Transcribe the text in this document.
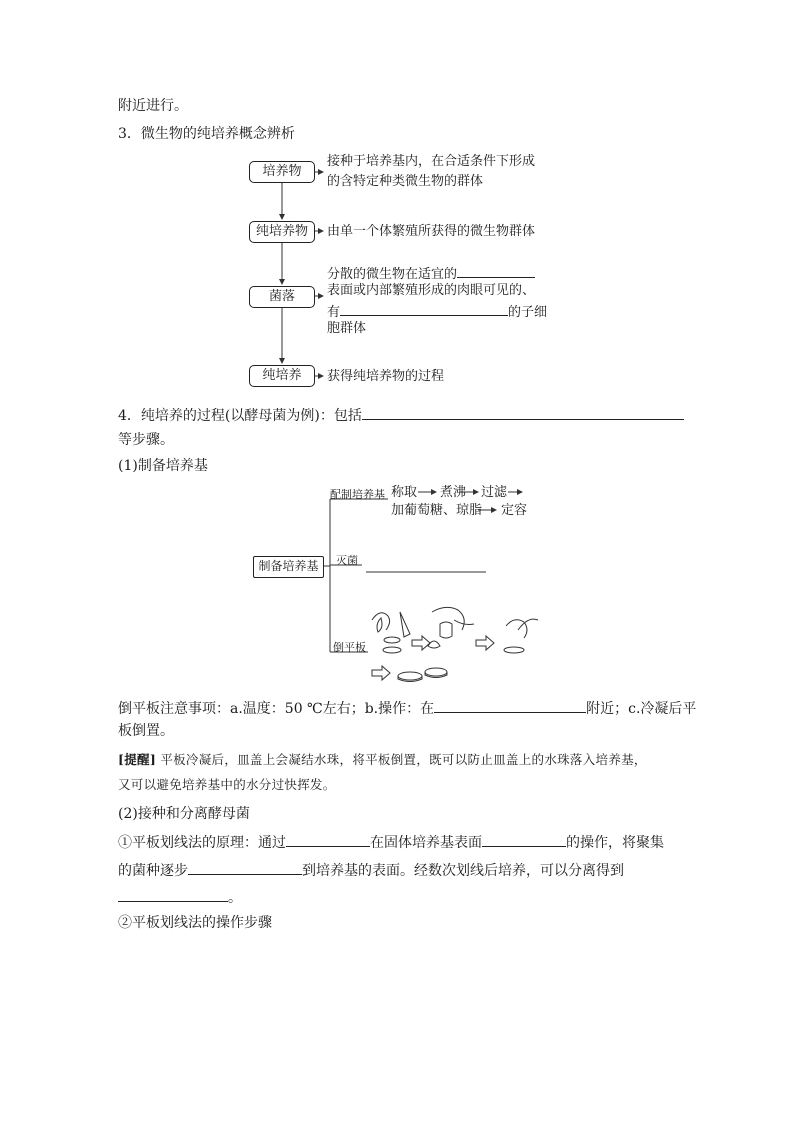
附近进行。
3．微生物的纯培养概念辨析
培养物
纯培养物
菌落
纯培养
接种于培养基内，在合适条件下形成
的含特定种类微生物的群体
由单一个体繁殖所获得的微生物群体
分散的微生物在适宜的
表面或内部繁殖形成的肉眼可见的、
有	的子细
胞群体
获得纯培养物的过程
4．纯培养的过程(以酵母菌为例)：包括
等步骤。
(1)制备培养基
制备培养基
配制培养基 称取 煮沸 过滤
加葡萄糖、琼脂 定容
灭菌
倒平板
倒平板注意事项：a.温度：50 ℃左右；b.操作：在	附近；c.冷凝后平
板倒置。
[提醒] 平板冷凝后，皿盖上会凝结水珠，将平板倒置，既可以防止皿盖上的水珠落入培养基，
又可以避免培养基中的水分过快挥发。
(2)接种和分离酵母菌
①平板划线法的原理：通过	在固体培养基表面	的操作，将聚集
的菌种逐步	到培养基的表面。经数次划线后培养，可以分离得到
。
②平板划线法的操作步骤
